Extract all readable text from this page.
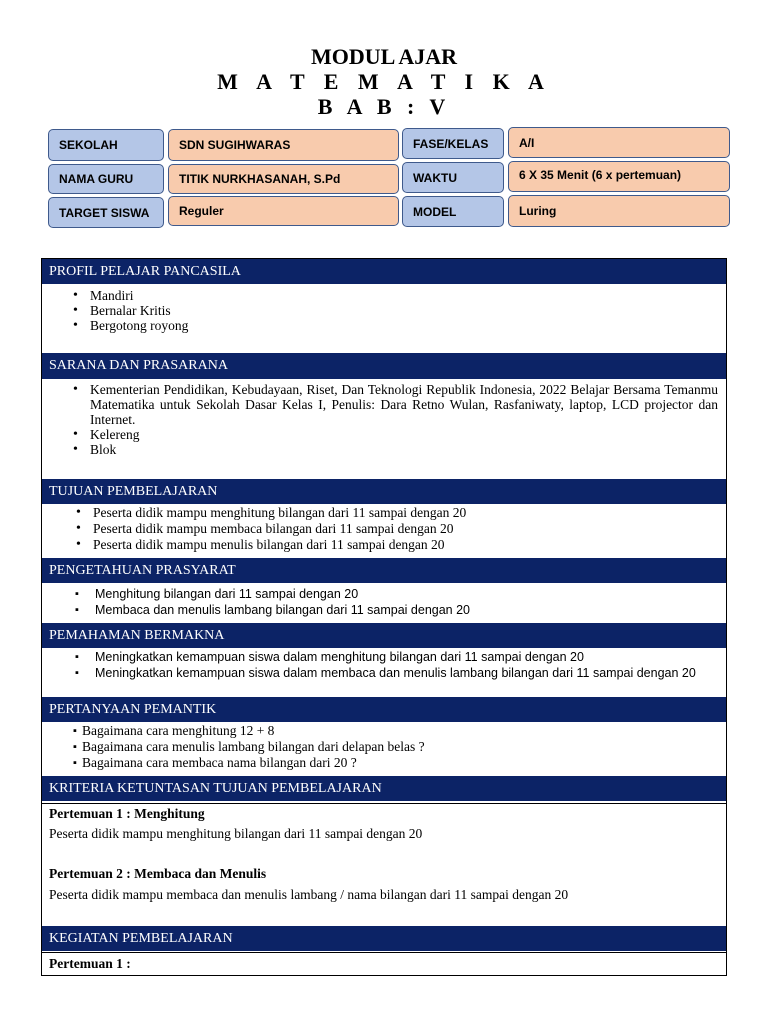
MODUL AJAR
M A T E M A T I K A
B A B : V
SEKOLAH	SDN SUGIHWARAS	FASE/KELAS	A/I
NAMA GURU	TITIK NURKHASANAH, S.Pd	WAKTU	6 X 35 Menit (6 x pertemuan)
TARGET SISWA	Reguler	MODEL	Luring
PROFIL PELAJAR PANCASILA
• Mandiri
• Bernalar Kritis
• Bergotong royong
SARANA DAN PRASARANA
• Kementerian Pendidikan, Kebudayaan, Riset, Dan Teknologi Republik Indonesia, 2022 Belajar Bersama Temanmu Matematika untuk Sekolah Dasar Kelas I, Penulis: Dara Retno Wulan, Rasfaniwaty, laptop, LCD projector dan Internet.
• Kelereng
• Blok
TUJUAN PEMBELAJARAN
• Peserta didik mampu menghitung bilangan dari 11 sampai dengan 20
• Peserta didik mampu membaca bilangan dari 11 sampai dengan 20
• Peserta didik mampu menulis bilangan dari 11 sampai dengan 20
PENGETAHUAN PRASYARAT
▪ Menghitung bilangan dari 11 sampai dengan 20
▪ Membaca dan menulis lambang bilangan dari 11 sampai dengan 20
PEMAHAMAN BERMAKNA
▪ Meningkatkan kemampuan siswa dalam menghitung bilangan dari 11 sampai dengan 20
▪ Meningkatkan kemampuan siswa dalam membaca dan menulis lambang bilangan dari 11 sampai dengan 20
PERTANYAAN PEMANTIK
▪ Bagaimana cara menghitung 12 + 8
▪ Bagaimana cara menulis lambang bilangan dari delapan belas ?
▪ Bagaimana cara membaca nama bilangan dari 20 ?
KRITERIA KETUNTASAN TUJUAN PEMBELAJARAN
Pertemuan 1 : Menghitung
Peserta didik mampu menghitung bilangan dari 11 sampai dengan 20
Pertemuan 2 : Membaca dan Menulis
Peserta didik mampu membaca dan menulis lambang / nama bilangan dari 11 sampai dengan 20
KEGIATAN PEMBELAJARAN
Pertemuan 1 :
